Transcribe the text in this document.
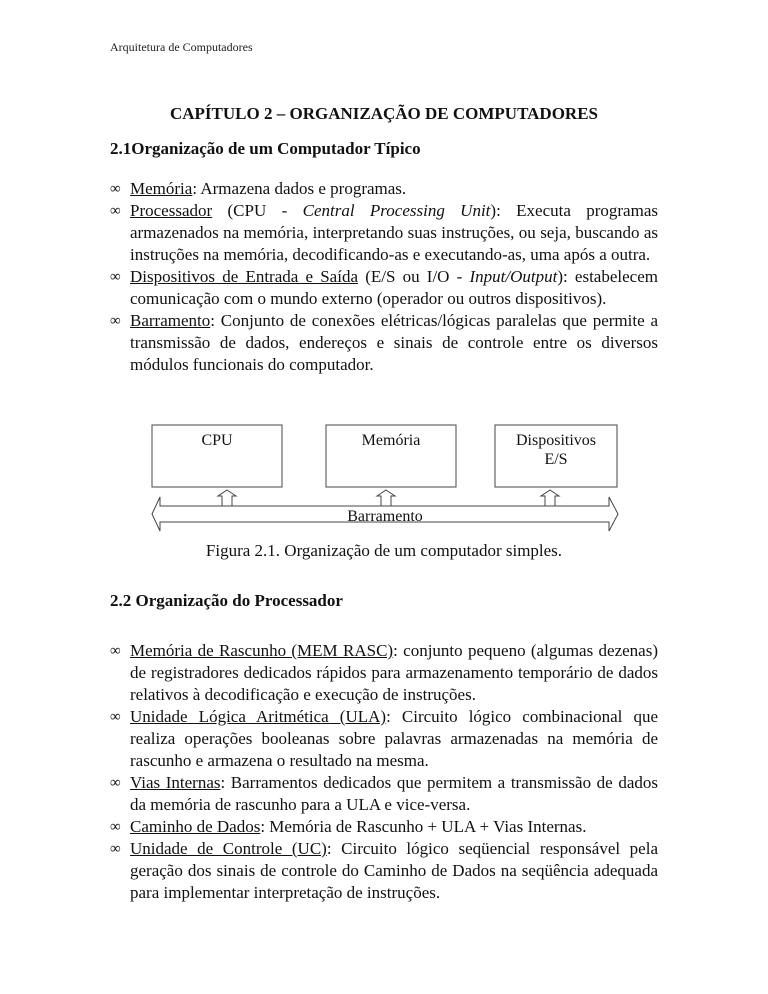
Arquitetura de Computadores
CAPÍTULO 2 – ORGANIZAÇÃO DE COMPUTADORES
2.1Organização de um Computador Típico
∞ Memória: Armazena dados e programas.
∞ Processador (CPU - Central Processing Unit): Executa programas armazenados na memória, interpretando suas instruções, ou seja, buscando as instruções na memória, decodificando-as e executando-as, uma após a outra.
∞ Dispositivos de Entrada e Saída (E/S ou I/O - Input/Output): estabelecem comunicação com o mundo externo (operador ou outros dispositivos).
∞ Barramento: Conjunto de conexões elétricas/lógicas paralelas que permite a transmissão de dados, endereços e sinais de controle entre os diversos módulos funcionais do computador.
CPU	Memória	Dispositivos
E/S
Barramento
Figura 2.1. Organização de um computador simples.
2.2 Organização do Processador
∞ Memória de Rascunho (MEM RASC): conjunto pequeno (algumas dezenas) de registradores dedicados rápidos para armazenamento temporário de dados relativos à decodificação e execução de instruções.
∞ Unidade Lógica Aritmética (ULA): Circuito lógico combinacional que realiza operações booleanas sobre palavras armazenadas na memória de rascunho e armazena o resultado na mesma.
∞ Vias Internas: Barramentos dedicados que permitem a transmissão de dados da memória de rascunho para a ULA e vice-versa.
∞ Caminho de Dados: Memória de Rascunho + ULA + Vias Internas.
∞ Unidade de Controle (UC): Circuito lógico seqüencial responsável pela geração dos sinais de controle do Caminho de Dados na seqüência adequada para implementar interpretação de instruções.
